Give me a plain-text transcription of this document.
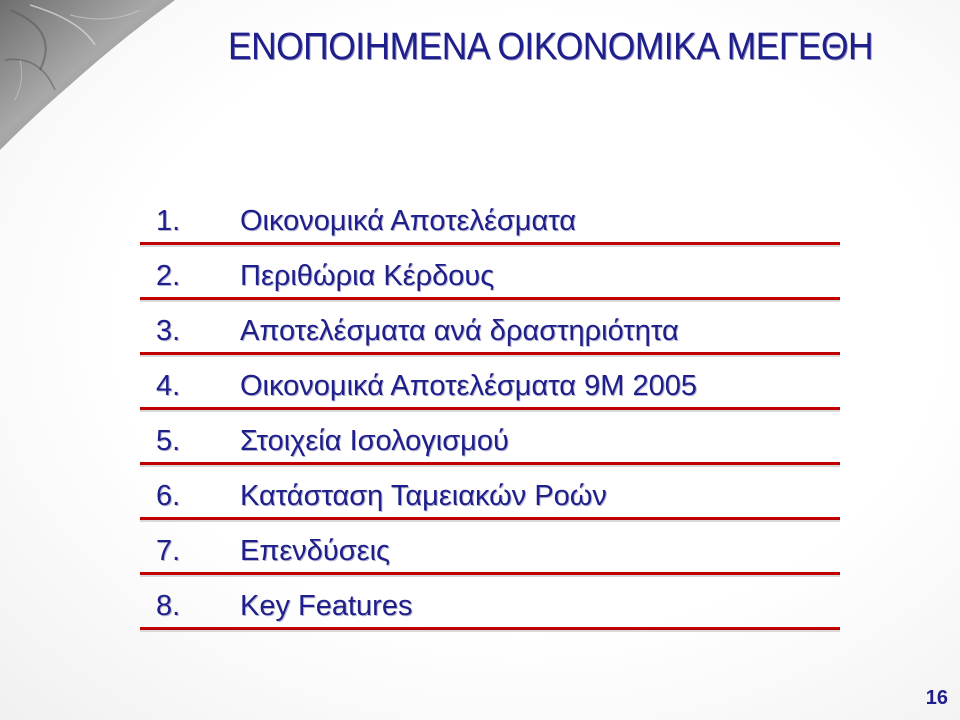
ΕΝΟΠΟΙΗΜΕΝΑ ΟΙΚΟΝΟΜΙΚΑ ΜΕΓΕΘΗ
1. Οικονομικά Αποτελέσματα
2. Περιθώρια Κέρδους
3. Αποτελέσματα ανά δραστηριότητα
4. Οικονομικά Αποτελέσματα 9Μ 2005
5. Στοιχεία Ισολογισμού
6. Κατάσταση Ταμειακών Ροών
7. Επενδύσεις
8. Key Features
16
